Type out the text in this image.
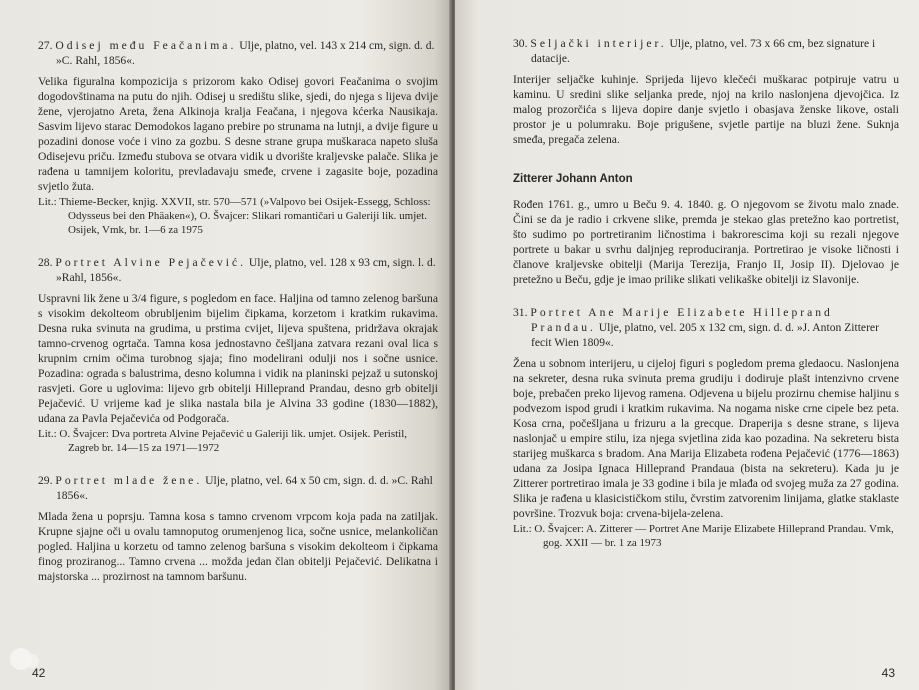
27. Odisej među Feačanima. Ulje, platno, vel. 143 x 214 cm, sign. d. d. »C. Rahl, 1856«.

Velika figuralna kompozicija s prizorom kako Odisej govori Feačanima o svojim dogodovštinama na putu do njih. Odisej u središtu slike, sjedi, do njega s lijeva dvije žene, vjerojatno Areta, žena Alkinoja kralja Feačana, i njegova kćerka Nausikaja. Sasvim lijevo starac Demodokos lagano prebire po strunama na lutnji, a dvije figure u pozadini donose voće i vino za gozbu. S desne strane grupa muškaraca napeto sluša Odisejevu priču. Između stubova se otvara vidik u dvorište kraljevske palače. Slika je rađena u tamnijem koloritu, prevladavaju smeđe, crvene i zagasite boje, pozadina svjetlo žuta.

Lit.: Thieme-Becker, knjig. XXVII, str. 570—571 (»Valpovo bei Osijek-Essegg, Schloss: Odysseus bei den Phäaken«), O. Švajcer: Slikari romantičari u Galeriji lik. umjet. Osijek, Vmk, br. 1—6 za 1975

28. Portret Alvine Pejačević. Ulje, platno, vel. 128 x 93 cm, sign. l. d. »Rahl, 1856«.

Uspravni lik žene u 3/4 figure, s pogledom en face. Haljina od tamno zelenog baršuna s visokim dekolteom obrubljenim bijelim čipkama, korzetom i kratkim rukavima. Desna ruka svinuta na grudima, u prstima cvijet, lijeva spuštena, pridržava okrajak tamno-crvenog ogrtača. Tamna kosa jednostavno češljana zatvara rezani oval lica s krupnim crnim očima turobnog sjaja; fino modelirani odulji nos i sočne usnice. Pozadina: ograda s balustrima, desno kolumna i vidik na planinski pejzaž u sutonskoj rasvjeti. Gore u uglovima: lijevo grb obitelji Hilleprand Prandau, desno grb obitelji Pejačević. U vrijeme kad je slika nastala bila je Alvina 33 godine (1830—1882), udana za Pavla Pejačevića od Podgorača.

Lit.: O. Švajcer: Dva portreta Alvine Pejačević u Galeriji lik. umjet. Osijek. Peristil, Zagreb br. 14—15 za 1971—1972

29. Portret mlade žene. Ulje, platno, vel. 64 x 50 cm, sign. d. d. »C. Rahl 1856«.

Mlada žena u poprsju. Tamna kosa s tamno crvenom vrpcom koja pada na zatiljak. Krupne sjajne oči u ovalu tamnoputog orumenjenog lica, sočne usnice, melankoličan pogled. Haljina u korzetu od tamno zelenog baršuna s visokim dekolteom i čipkama finog proziranog... Tamno crvena ... možda jedan član obitelji Pejačević. Delikatna i majstorska ... prozirnost na tamnom baršunu.

42

30. Seljački interijer. Ulje, platno, vel. 73 x 66 cm, bez signature i datacije.

Interijer seljačke kuhinje. Sprijeda lijevo klečeći muškarac potpiruje vatru u kaminu. U sredini slike seljanka prede, njoj na krilo naslonjena djevojčica. Iz malog prozorčića s lijeva dopire danje svjetlo i obasjava ženske likove, ostali prostor je u polumraku. Boje prigušene, svjetle partije na bluzi žene. Suknja smeđa, pregača zelena.

Zitterer Johann Anton

Rođen 1761. g., umro u Beču 9. 4. 1840. g. O njegovom se životu malo znade. Čini se da je radio i crkvene slike, premda je stekao glas pretežno kao portretist, što sudimo po portretiranim ličnostima i bakrorescima koji su rezali njegove portrete u bakar u svrhu daljnjeg reproduciranja. Portretirao je visoke ličnosti i članove kraljevske obitelji (Marija Terezija, Franjo II, Josip II). Djelovao je pretežno u Beču, gdje je imao prilike slikati velikaške obitelji iz Slavonije.

31. Portret Ane Marije Elizabete Hilleprand Prandau. Ulje, platno, vel. 205 x 132 cm, sign. d. d. »J. Anton Zitterer fecit Wien 1809«.

Žena u sobnom interijeru, u cijeloj figuri s pogledom prema gledaocu. Naslonjena na sekreter, desna ruka svinuta prema grudiju i dodiruje plašt intenzivno crvene boje, prebačen preko lijevog ramena. Odjevena u bijelu prozirnu chemise haljinu s podvezom ispod grudi i kratkim rukavima. Na nogama niske crne cipele bez peta. Kosa crna, počešljana u frizuru a la grecque. Draperija s desne strane, s lijeva naslonjač u empire stilu, iza njega svjetlina zida kao pozadina. Na sekreteru bista starijeg muškarca s bradom. Ana Marija Elizabeta rođena Pejačević (1776—1863) udana za Josipa Ignaca Hilleprand Prandaua (bista na sekreteru). Kada ju je Zitterer portretirao imala je 33 godine i bila je mlađa od svojeg muža za 27 godina. Slika je rađena u klasicističkom stilu, čvrstim zatvorenim linijama, glatke staklaste površine. Trozvuk boja: crvena-bijela-zelena.

Lit.: O. Švajcer: A. Zitterer — Portret Ane Marije Elizabete Hilleprand Prandau. Vmk, gog. XXII — br. 1 za 1973

43
